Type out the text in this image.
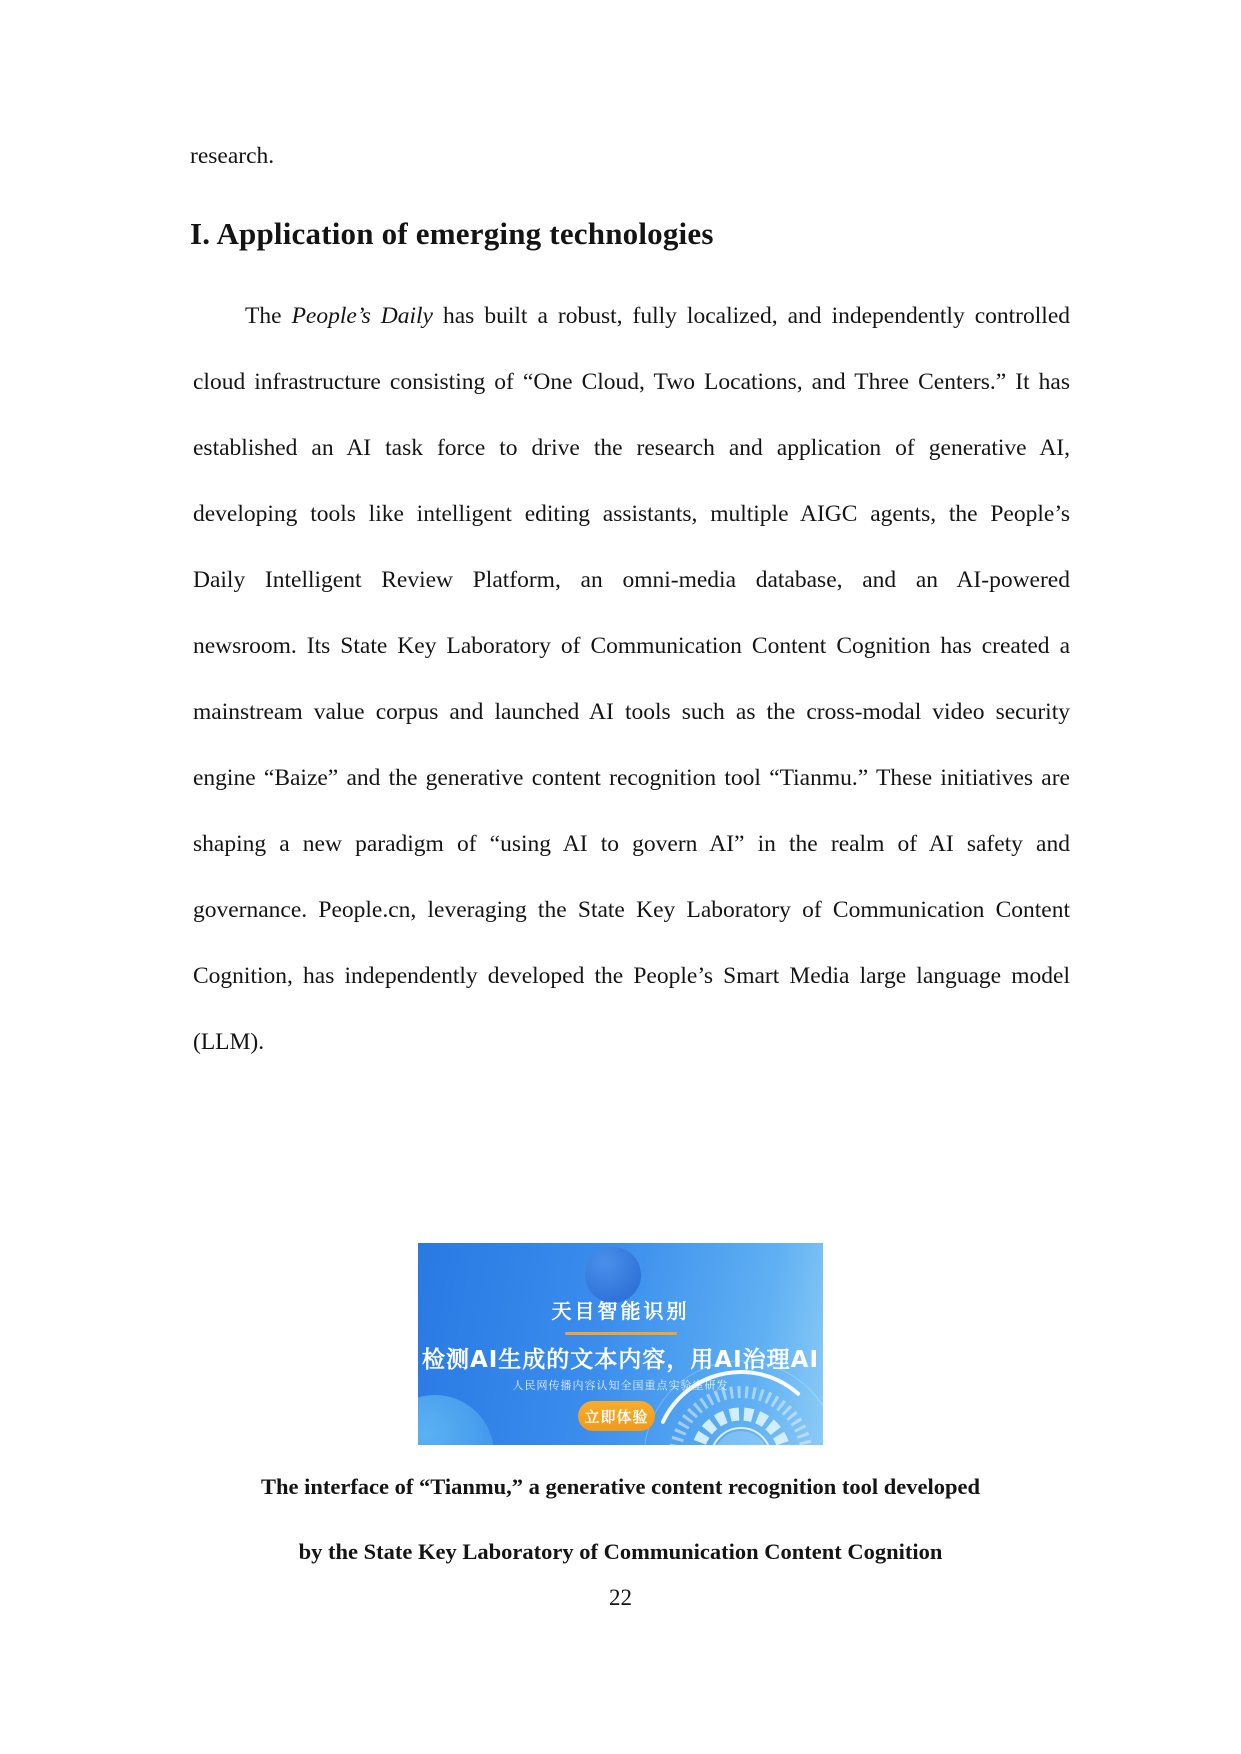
research.
I. Application of emerging technologies

The People’s Daily has built a robust, fully localized, and independently controlled cloud infrastructure consisting of “One Cloud, Two Locations, and Three Centers.” It has established an AI task force to drive the research and application of generative AI, developing tools like intelligent editing assistants, multiple AIGC agents, the People’s Daily Intelligent Review Platform, an omni-media database, and an AI-powered newsroom. Its State Key Laboratory of Communication Content Cognition has created a mainstream value corpus and launched AI tools such as the cross-modal video security engine “Baize” and the generative content recognition tool “Tianmu.” These initiatives are shaping a new paradigm of “using AI to govern AI” in the realm of AI safety and governance. People.cn, leveraging the State Key Laboratory of Communication Content Cognition, has independently developed the People’s Smart Media large language model (LLM).

天目智能识别
检测AI生成的文本内容，用AI治理AI
人民网传播内容认知全国重点实验室研发
立即体验
The interface of “Tianmu,” a generative content recognition tool developed
by the State Key Laboratory of Communication Content Cognition
22
